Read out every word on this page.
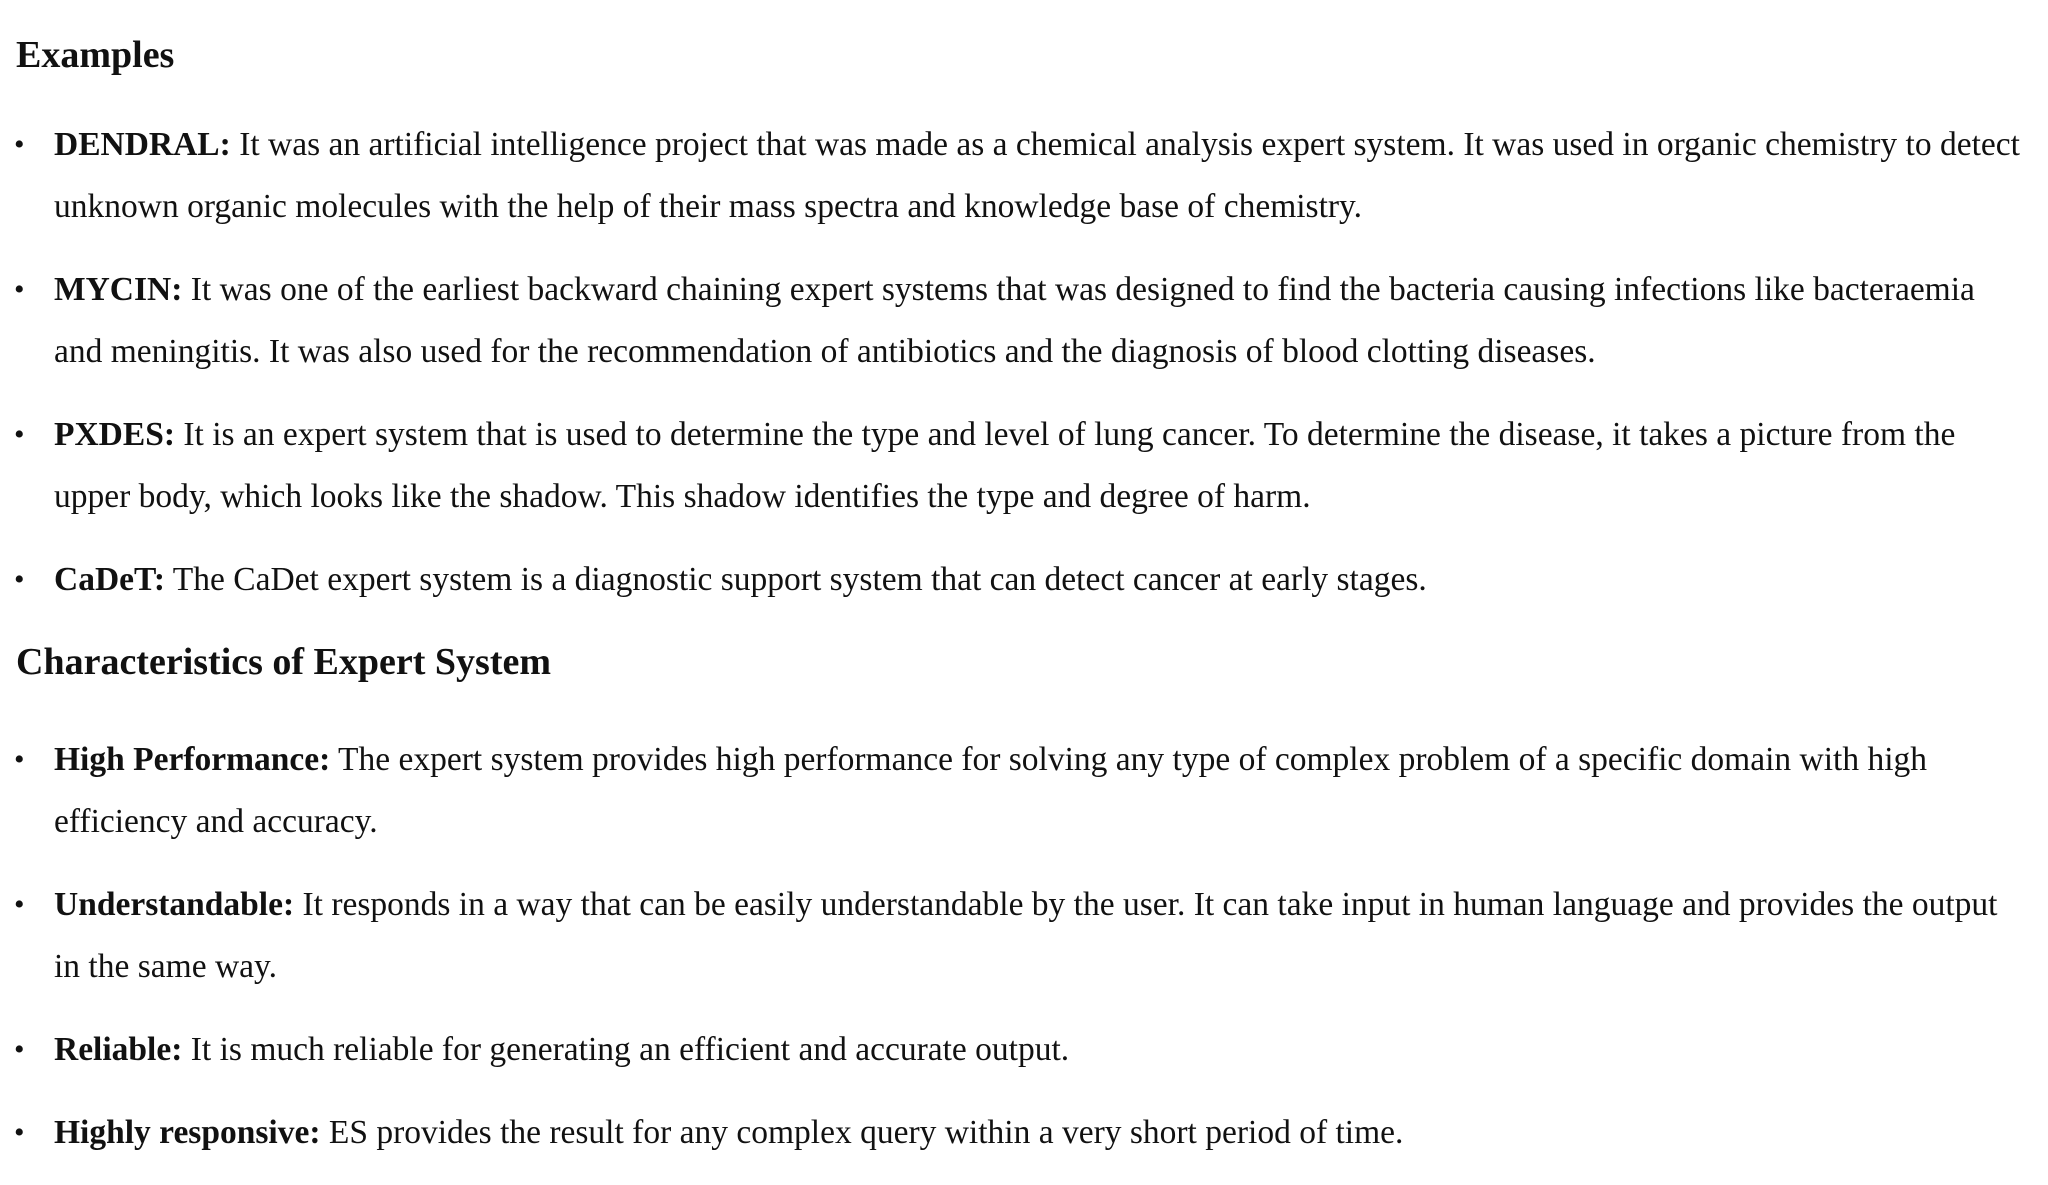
Examples
• DENDRAL: It was an artificial intelligence project that was made as a chemical analysis expert system. It was used in organic chemistry to detect unknown organic molecules with the help of their mass spectra and knowledge base of chemistry.
• MYCIN: It was one of the earliest backward chaining expert systems that was designed to find the bacteria causing infections like bacteraemia and meningitis. It was also used for the recommendation of antibiotics and the diagnosis of blood clotting diseases.
• PXDES: It is an expert system that is used to determine the type and level of lung cancer. To determine the disease, it takes a picture from the upper body, which looks like the shadow. This shadow identifies the type and degree of harm.
• CaDeT: The CaDet expert system is a diagnostic support system that can detect cancer at early stages.
Characteristics of Expert System
• High Performance: The expert system provides high performance for solving any type of complex problem of a specific domain with high efficiency and accuracy.
• Understandable: It responds in a way that can be easily understandable by the user. It can take input in human language and provides the output in the same way.
• Reliable: It is much reliable for generating an efficient and accurate output.
• Highly responsive: ES provides the result for any complex query within a very short period of time.
